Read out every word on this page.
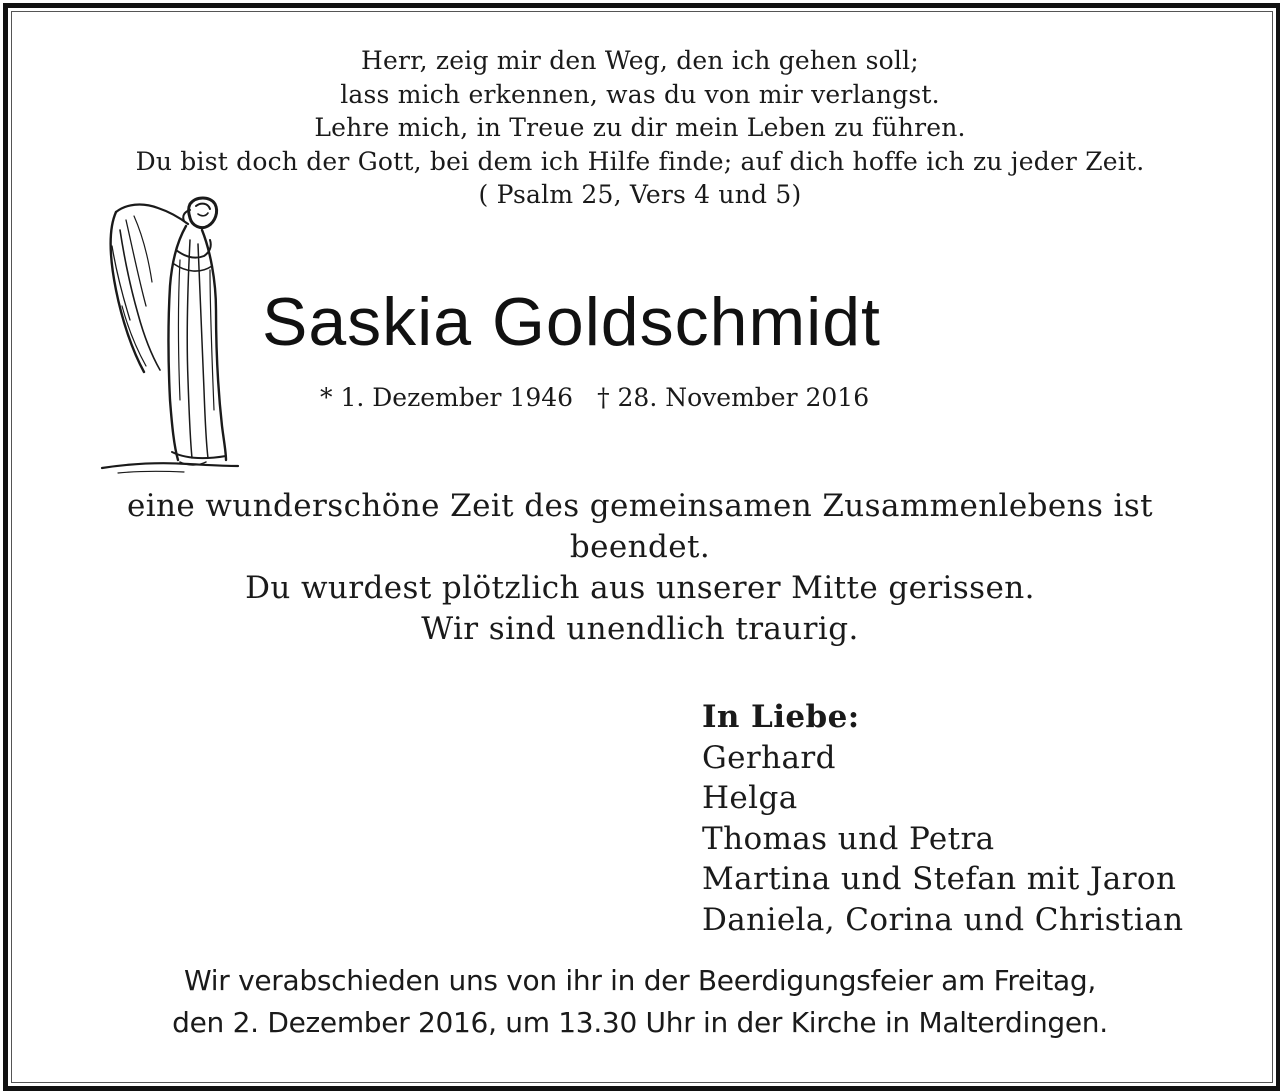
Herr, zeig mir den Weg, den ich gehen soll;
lass mich erkennen, was du von mir verlangst.
Lehre mich, in Treue zu dir mein Leben zu führen.
Du bist doch der Gott, bei dem ich Hilfe finde; auf dich hoffe ich zu jeder Zeit.
( Psalm 25, Vers 4 und 5)
Saskia Goldschmidt
* 1. Dezember 1946 † 28. November 2016
eine wunderschöne Zeit des gemeinsamen Zusammenlebens ist
beendet.
Du wurdest plötzlich aus unserer Mitte gerissen.
Wir sind unendlich traurig.
In Liebe:
Gerhard
Helga
Thomas und Petra
Martina und Stefan mit Jaron
Daniela, Corina und Christian
Wir verabschieden uns von ihr in der Beerdigungsfeier am Freitag,
den 2. Dezember 2016, um 13.30 Uhr in der Kirche in Malterdingen.
